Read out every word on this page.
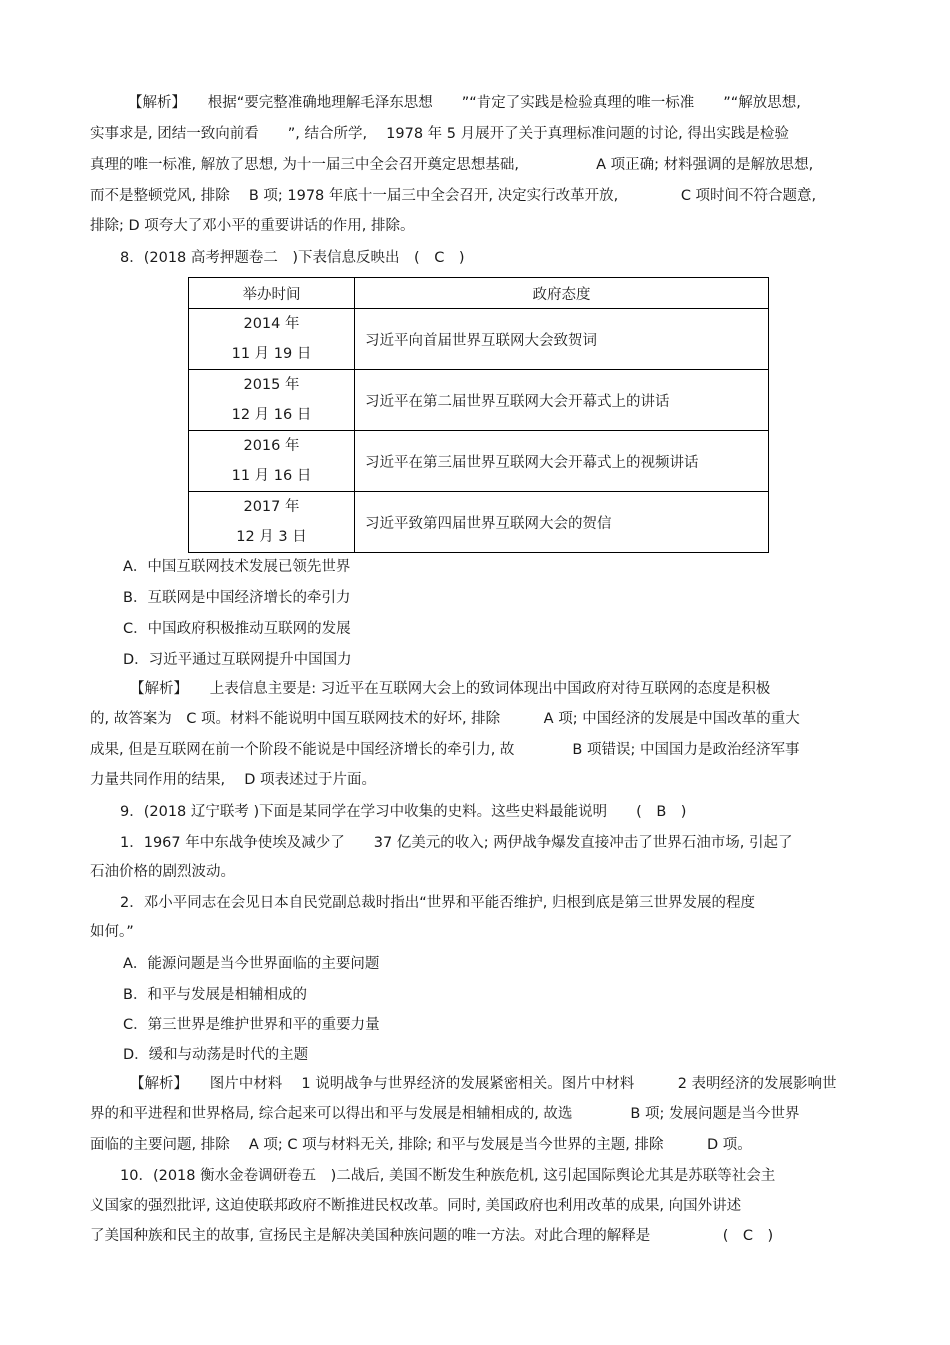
【解析】　　根据“要完整准确地理解毛泽东思想　　”“肯定了实践是检验真理的唯一标准　　”“解放思想,
实事求是, 团结一致向前看　　”, 结合所学,　 1978 年 5 月展开了关于真理标准问题的讨论, 得出实践是检验
真理的唯一标准, 解放了思想, 为十一届三中全会召开奠定思想基础,　　　　　 A 项正确; 材料强调的是解放思想,
而不是整顿党风, 排除　 B 项; 1978 年底十一届三中全会召开, 决定实行改革开放,　　　　 C 项时间不符合题意,
排除; D 项夸大了邓小平的重要讲话的作用, 排除。
8．(2018 高考押题卷二　)下表信息反映出　(　C　)
举办时间	政府态度

2014 年
11 月 19 日	习近平向首届世界互联网大会致贺词

2015 年
12 月 16 日	习近平在第二届世界互联网大会开幕式上的讲话

2016 年
11 月 16 日	习近平在第三届世界互联网大会开幕式上的视频讲话

2017 年
12 月 3 日	习近平致第四届世界互联网大会的贺信
A．中国互联网技术发展已领先世界
B．互联网是中国经济增长的牵引力
C．中国政府积极推动互联网的发展
D．习近平通过互联网提升中国国力
【解析】　　上表信息主要是: 习近平在互联网大会上的致词体现出中国政府对待互联网的态度是积极
的, 故答案为　C 项。材料不能说明中国互联网技术的好坏, 排除　　　A 项; 中国经济的发展是中国改革的重大
成果, 但是互联网在前一个阶段不能说是中国经济增长的牵引力, 故　　　　B 项错误; 中国国力是政治经济军事
力量共同作用的结果,　 D 项表述过于片面。
9．(2018 辽宁联考 )下面是某同学在学习中收集的史料。这些史料最能说明　　(　B　)
1．1967 年中东战争使埃及减少了　　37 亿美元的收入; 两伊战争爆发直接冲击了世界石油市场, 引起了
石油价格的剧烈波动。
2．邓小平同志在会见日本自民党副总裁时指出“世界和平能否维护, 归根到底是第三世界发展的程度
如何。”
A．能源问题是当今世界面临的主要问题
B．和平与发展是相辅相成的
C．第三世界是维护世界和平的重要力量
D．缓和与动荡是时代的主题
【解析】　　图片中材料　 1 说明战争与世界经济的发展紧密相关。图片中材料　　　2 表明经济的发展影响世
界的和平进程和世界格局, 综合起来可以得出和平与发展是相辅相成的, 故选　　　　B 项; 发展问题是当今世界
面临的主要问题, 排除　 A 项; C 项与材料无关, 排除; 和平与发展是当今世界的主题, 排除　　　D 项。
10．(2018 衡水金卷调研卷五　)二战后, 美国不断发生种族危机, 这引起国际舆论尤其是苏联等社会主
义国家的强烈批评, 这迫使联邦政府不断推进民权改革。同时, 美国政府也利用改革的成果, 向国外讲述
了美国种族和民主的故事, 宣扬民主是解决美国种族问题的唯一方法。对此合理的解释是　　　　　(　C　)
